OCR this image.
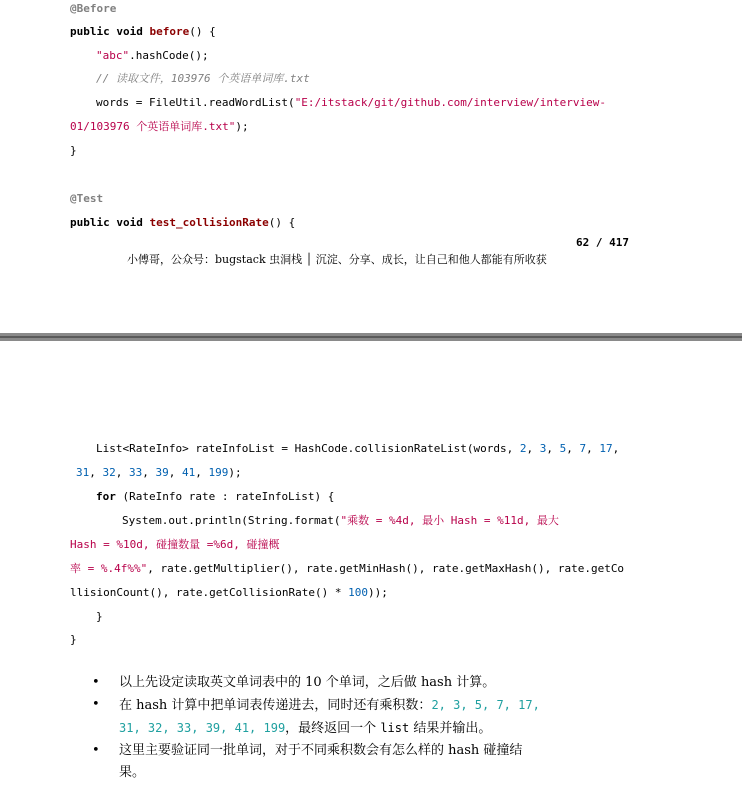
@Before
public void before() {
"abc".hashCode();
// 读取文件，103976 个英语单词库.txt
words = FileUtil.readWordList("E:/itstack/git/github.com/interview/interview-
01/103976 个英语单词库.txt");
}
@Test
public void test_collisionRate() {
62 / 417
小傅哥，公众号：bugstack 虫洞栈 │ 沉淀、分享、成长，让自己和他人都能有所收获
List<RateInfo> rateInfoList = HashCode.collisionRateList(words, 2, 3, 5, 7, 17,
31, 32, 33, 39, 41, 199);
for (RateInfo rate : rateInfoList) {
System.out.println(String.format("乘数 = %4d, 最小 Hash = %11d, 最大
Hash = %10d, 碰撞数量 =%6d, 碰撞概
率 = %.4f%%", rate.getMultiplier(), rate.getMinHash(), rate.getMaxHash(), rate.getCo
llisionCount(), rate.getCollisionRate() * 100));
}
}
• 以上先设定读取英文单词表中的 10 个单词，之后做 hash 计算。
• 在 hash 计算中把单词表传递进去，同时还有乘积数：2, 3, 5, 7, 17,
31, 32, 33, 39, 41, 199，最终返回一个 list 结果并输出。
• 这里主要验证同一批单词，对于不同乘积数会有怎么样的 hash 碰撞结
果。
